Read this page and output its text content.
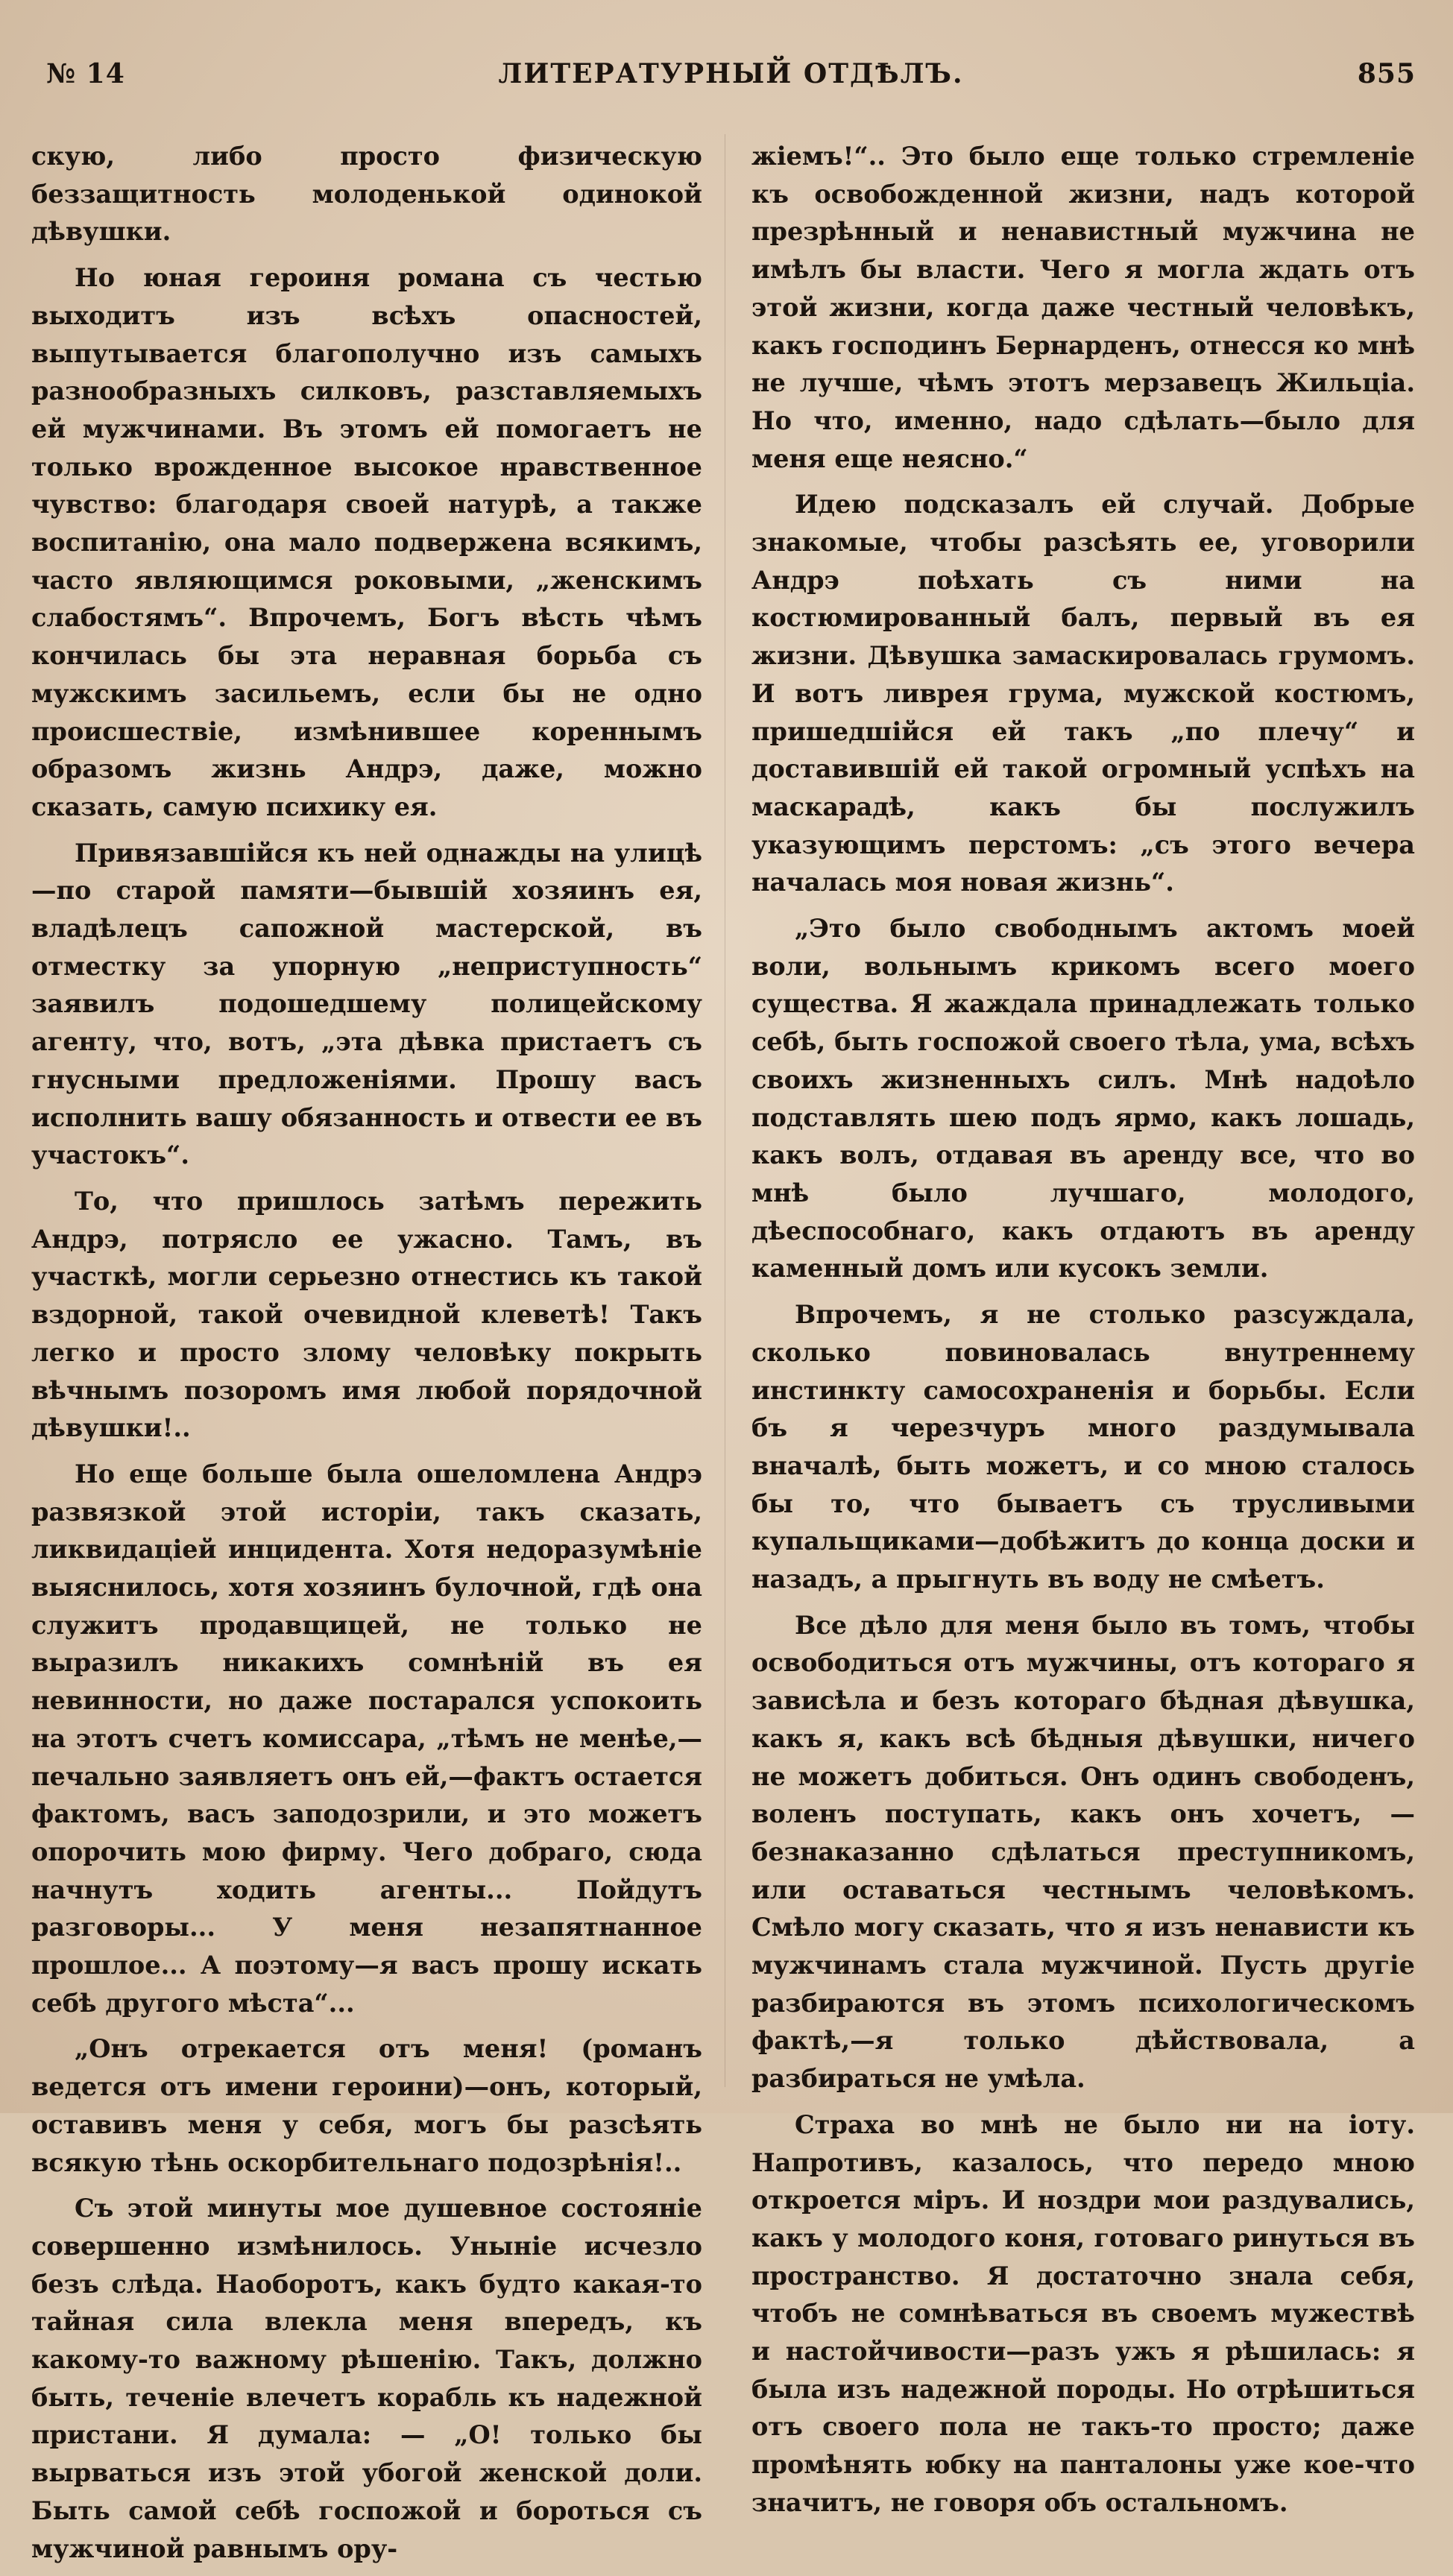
№ 14	ЛИТЕРАТУРНЫЙ ОТДѢЛЪ.	855

скую, либо просто физическую беззащитность молоденькой одинокой дѣвушки.

Но юная героиня романа съ честью выходитъ изъ всѣхъ опасностей, выпутывается благополучно изъ самыхъ разнообразныхъ силковъ, разставляемыхъ ей мужчинами. Въ этомъ ей помогаетъ не только врожденное высокое нравственное чувство: благодаря своей натурѣ, а также воспитанію, она мало подвержена всякимъ, часто являющимся роковыми, „женскимъ слабостямъ“. Впрочемъ, Богъ вѣсть чѣмъ кончилась бы эта неравная борьба съ мужскимъ засильемъ, если бы не одно происшествіе, измѣнившее кореннымъ образомъ жизнь Андрэ, даже, можно сказать, самую психику ея.

Привязавшійся къ ней однажды на улицѣ—по старой памяти—бывшій хозяинъ ея, владѣлецъ сапожной мастерской, въ отместку за упорную „неприступность“ заявилъ подошедшему полицейскому агенту, что, вотъ, „эта дѣвка пристаетъ съ гнусными предложеніями. Прошу васъ исполнить вашу обязанность и отвести ее въ участокъ“.

То, что пришлось затѣмъ пережить Андрэ, потрясло ее ужасно. Тамъ, въ участкѣ, могли серьезно отнестись къ такой вздорной, такой очевидной клеветѣ! Такъ легко и просто злому человѣку покрыть вѣчнымъ позоромъ имя любой порядочной дѣвушки!..

Но еще больше была ошеломлена Андрэ развязкой этой исторіи, такъ сказать, ликвидаціей инцидента. Хотя недоразумѣніе выяснилось, хотя хозяинъ булочной, гдѣ она служитъ продавщицей, не только не выразилъ никакихъ сомнѣній въ ея невинности, но даже постарался успокоить на этотъ счетъ комиссара, „тѣмъ не менѣе,—печально заявляетъ онъ ей,—фактъ остается фактомъ, васъ заподозрили, и это можетъ опорочить мою фирму. Чего добраго, сюда начнутъ ходить агенты... Пойдутъ разговоры... У меня незапятнанное прошлое... А поэтому—я васъ прошу искать себѣ другого мѣста“...

„Онъ отрекается отъ меня! (романъ ведется отъ имени героини)—онъ, который, оставивъ меня у себя, могъ бы разсѣять всякую тѣнь оскорбительнаго подозрѣнія!..

Съ этой минуты мое душевное состояніе совершенно измѣнилось. Уныніе исчезло безъ слѣда. Наоборотъ, какъ будто какая-то тайная сила влекла меня впередъ, къ какому-то важному рѣшенію. Такъ, должно быть, теченіе влечетъ корабль къ надежной пристани. Я думала: — „О! только бы вырваться изъ этой убогой женской доли. Быть самой себѣ госпожой и бороться съ мужчиной равнымъ ору-

жіемъ!“.. Это было еще только стремленіе къ освобожденной жизни, надъ которой презрѣнный и ненавистный мужчина не имѣлъ бы власти. Чего я могла ждать отъ этой жизни, когда даже честный человѣкъ, какъ господинъ Бернарденъ, отнесся ко мнѣ не лучше, чѣмъ этотъ мерзавецъ Жильціа. Но что, именно, надо сдѣлать—было для меня еще неясно.“

Идею подсказалъ ей случай. Добрые знакомые, чтобы разсѣять ее, уговорили Андрэ поѣхать съ ними на костюмированный балъ, первый въ ея жизни. Дѣвушка замаскировалась грумомъ. И вотъ ливрея грума, мужской костюмъ, пришедшійся ей такъ „по плечу“ и доставившій ей такой огромный успѣхъ на маскарадѣ, какъ бы послужилъ указующимъ перстомъ: „съ этого вечера началась моя новая жизнь“.

„Это было свободнымъ актомъ моей воли, вольнымъ крикомъ всего моего существа. Я жаждала принадлежать только себѣ, быть госпожой своего тѣла, ума, всѣхъ своихъ жизненныхъ силъ. Мнѣ надоѣло подставлять шею подъ ярмо, какъ лошадь, какъ волъ, отдавая въ аренду все, что во мнѣ было лучшаго, молодого, дѣеспособнаго, какъ отдаютъ въ аренду каменный домъ или кусокъ земли.

Впрочемъ, я не столько разсуждала, сколько повиновалась внутреннему инстинкту самосохраненія и борьбы. Если бъ я черезчуръ много раздумывала вначалѣ, быть можетъ, и со мною сталось бы то, что бываетъ съ трусливыми купальщиками—добѣжитъ до конца доски и назадъ, а прыгнуть въ воду не смѣетъ.

Все дѣло для меня было въ томъ, чтобы освободиться отъ мужчины, отъ котораго я зависѣла и безъ котораго бѣдная дѣвушка, какъ я, какъ всѣ бѣдныя дѣвушки, ничего не можетъ добиться. Онъ одинъ свободенъ, воленъ поступать, какъ онъ хочетъ, — безнаказанно сдѣлаться преступникомъ, или оставаться честнымъ человѣкомъ. Смѣло могу сказать, что я изъ ненависти къ мужчинамъ стала мужчиной. Пусть другіе разбираются въ этомъ психологическомъ фактѣ,—я только дѣйствовала, а разбираться не умѣла.

Страха во мнѣ не было ни на іоту. Напротивъ, казалось, что передо мною откроется міръ. И ноздри мои раздувались, какъ у молодого коня, готоваго ринуться въ пространство. Я достаточно знала себя, чтобъ не сомнѣваться въ своемъ мужествѣ и настойчивости—разъ ужъ я рѣшилась: я была изъ надежной породы. Но отрѣшиться отъ своего пола не такъ-то просто; даже промѣнять юбку на панталоны уже кое-что значитъ, не говоря объ остальномъ.
